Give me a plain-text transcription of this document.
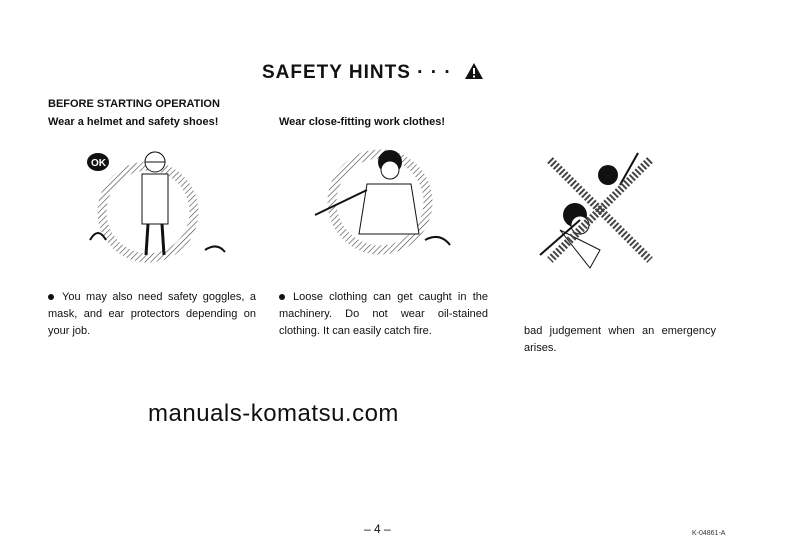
SAFETY HINTS · · ·
BEFORE STARTING OPERATION
Wear a helmet and safety shoes!	Wear close-fitting work clothes!
OK
You may also need safety goggles, a mask, and ear protectors depending on your job.
Loose clothing can get caught in the machinery. Do not wear oil-stained clothing. It can easily catch fire.	bad judgement when an emergency arises.
manuals-komatsu.com
– 4 –	K-04861-A
